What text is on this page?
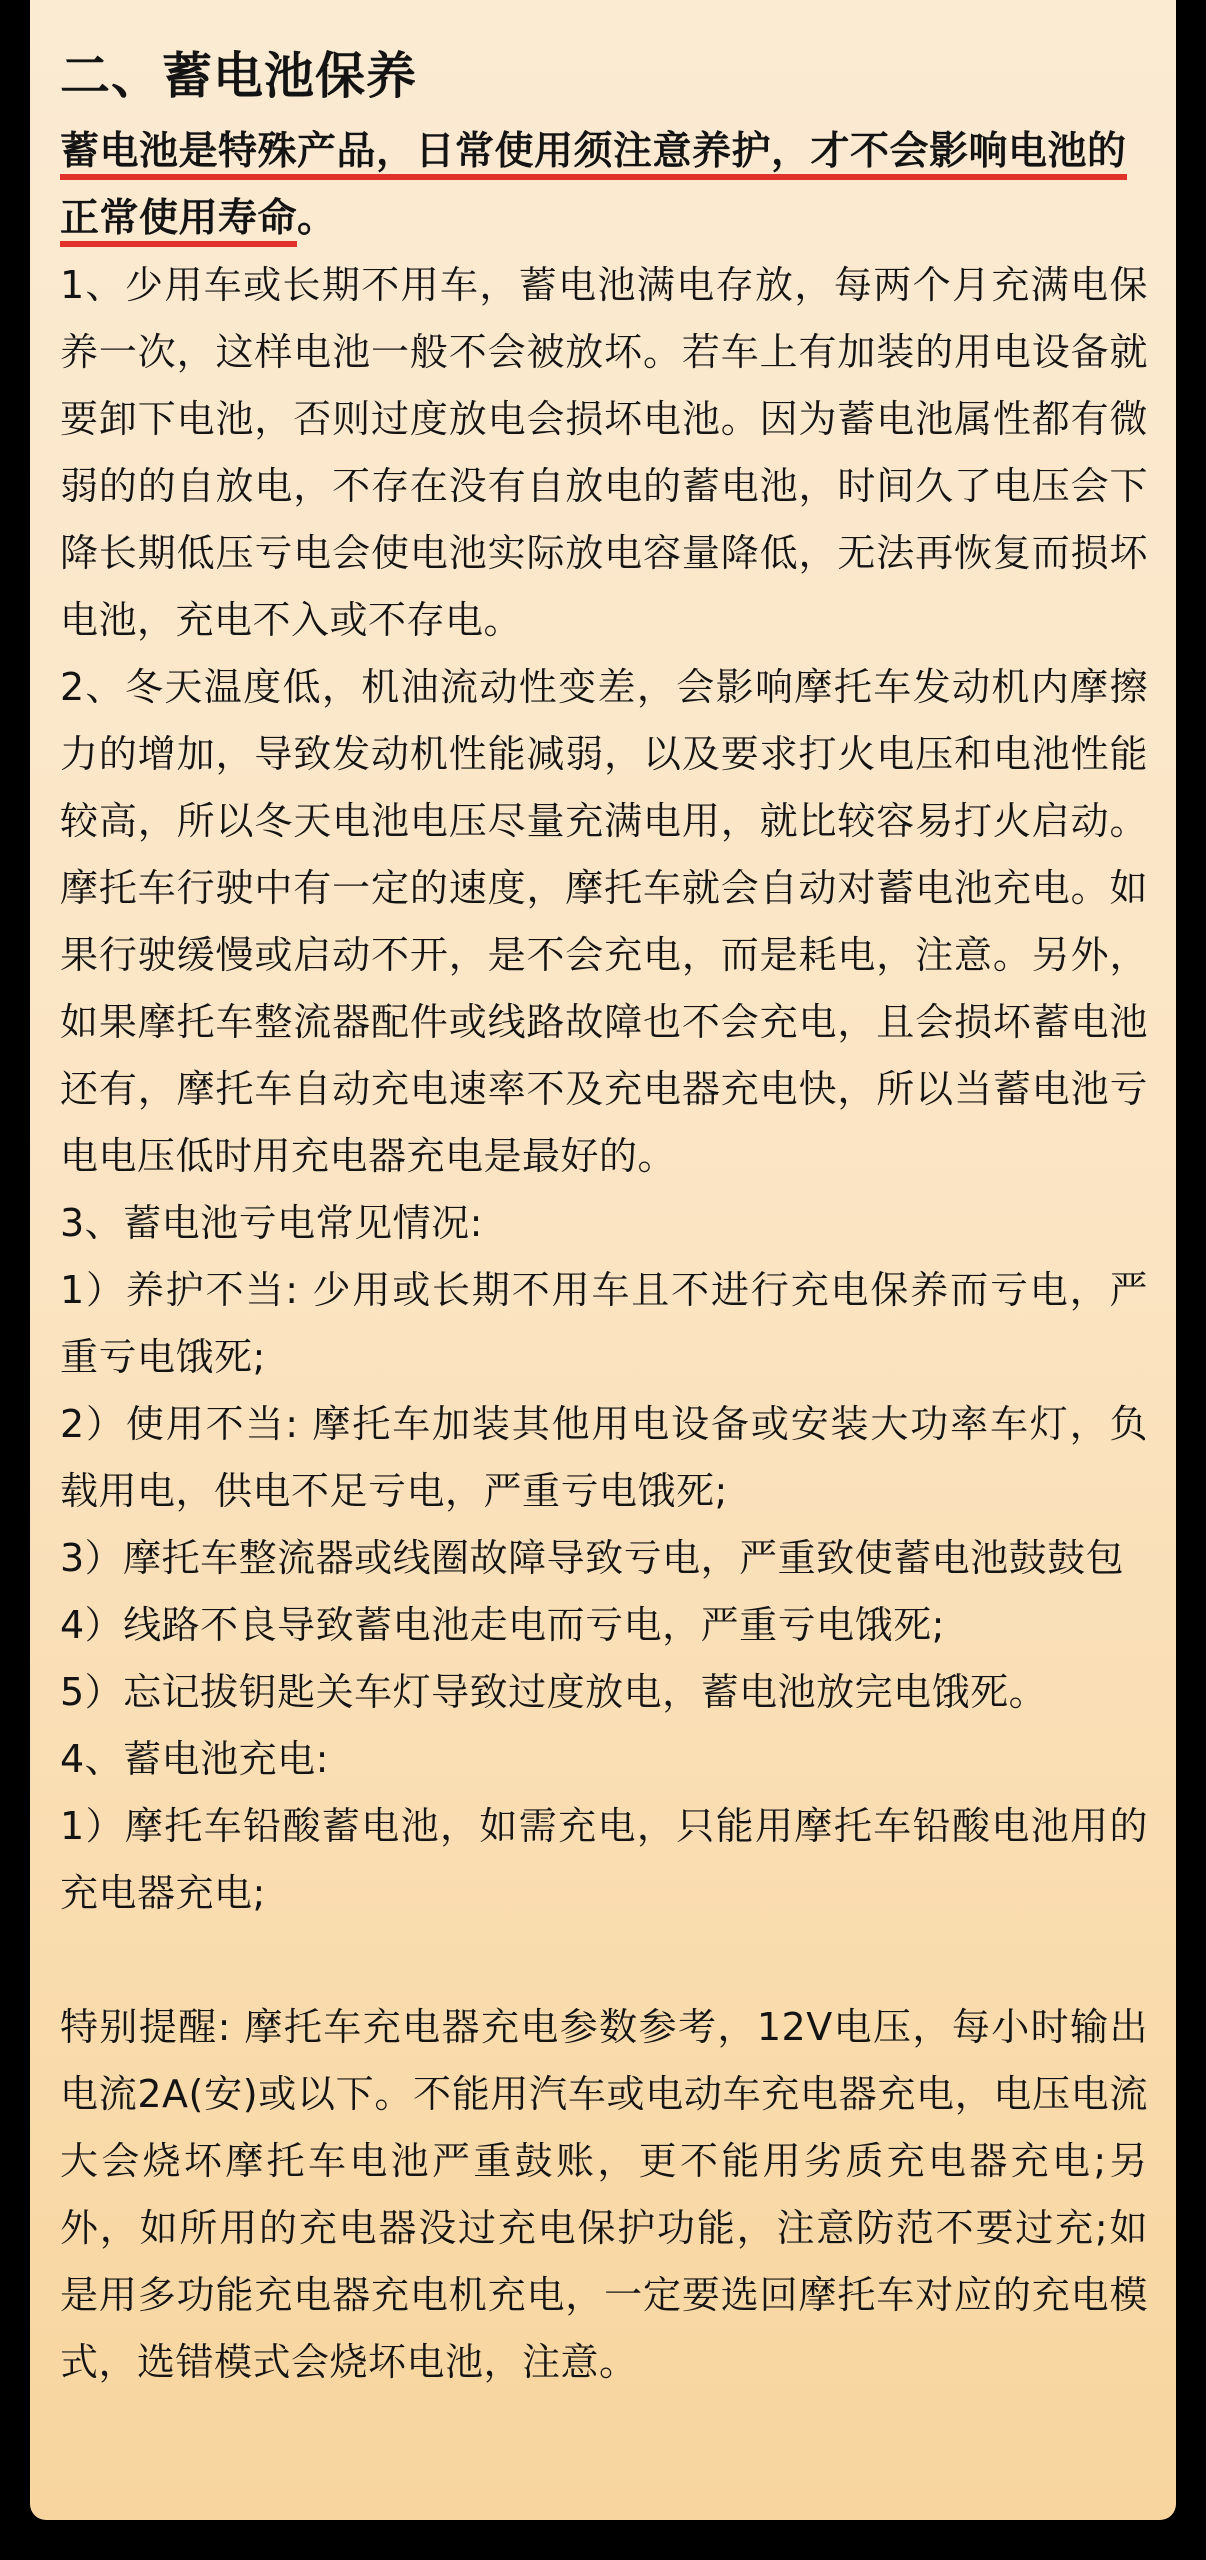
二、蓄电池保养
蓄电池是特殊产品，日常使用须注意养护，才不会影响电池的
正常使用寿命。

1、少用车或长期不用车，蓄电池满电存放，每两个月充满电保养一次，这样电池一般不会被放坏。若车上有加装的用电设备就要卸下电池，否则过度放电会损坏电池。因为蓄电池属性都有微弱的的自放电，不存在没有自放电的蓄电池，时间久了电压会下降长期低压亏电会使电池实际放电容量降低，无法再恢复而损坏电池，充电不入或不存电。

2、冬天温度低，机油流动性变差，会影响摩托车发动机内摩擦力的增加，导致发动机性能减弱，以及要求打火电压和电池性能较高，所以冬天电池电压尽量充满电用，就比较容易打火启动。摩托车行驶中有一定的速度，摩托车就会自动对蓄电池充电。如果行驶缓慢或启动不开，是不会充电，而是耗电，注意。另外，如果摩托车整流器配件或线路故障也不会充电，且会损坏蓄电池还有，摩托车自动充电速率不及充电器充电快，所以当蓄电池亏电电压低时用充电器充电是最好的。

3、蓄电池亏电常见情况:

1）养护不当: 少用或长期不用车且不进行充电保养而亏电，严重亏电饿死;

2）使用不当: 摩托车加装其他用电设备或安装大功率车灯，负载用电，供电不足亏电，严重亏电饿死;

3）摩托车整流器或线圈故障导致亏电，严重致使蓄电池鼓鼓包

4）线路不良导致蓄电池走电而亏电，严重亏电饿死;

5）忘记拔钥匙关车灯导致过度放电，蓄电池放完电饿死。

4、蓄电池充电:

1）摩托车铅酸蓄电池，如需充电，只能用摩托车铅酸电池用的充电器充电;

特别提醒: 摩托车充电器充电参数参考，12V电压，每小时输出电流2A(安)或以下。不能用汽车或电动车充电器充电，电压电流大会烧坏摩托车电池严重鼓账，更不能用劣质充电器充电;另外，如所用的充电器没过充电保护功能，注意防范不要过充;如是用多功能充电器充电机充电，一定要选回摩托车对应的充电模式，选错模式会烧坏电池，注意。
